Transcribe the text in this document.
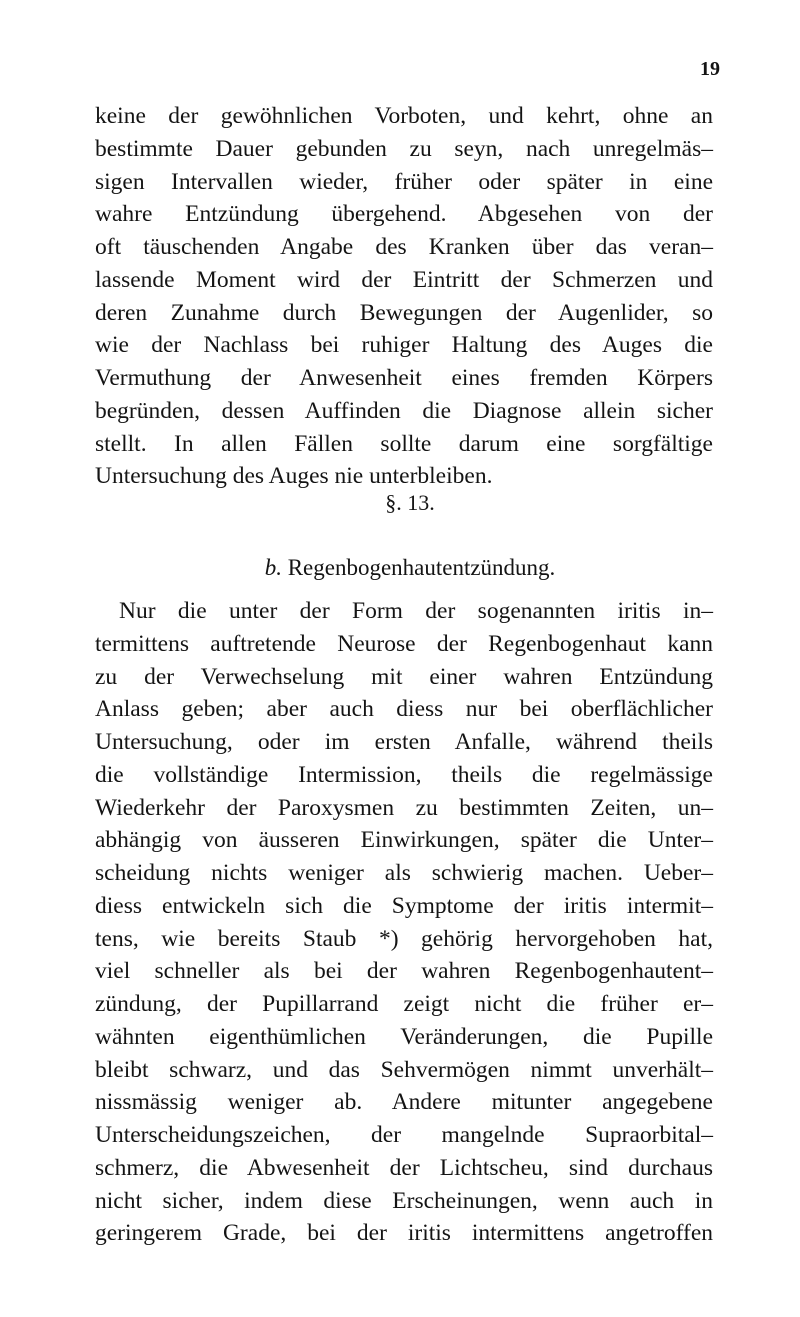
19
keine der gewöhnlichen Vorboten, und kehrt, ohne an
bestimmte Dauer gebunden zu seyn, nach unregelmäs–
sigen Intervallen wieder, früher oder später in eine
wahre Entzündung übergehend. Abgesehen von der
oft täuschenden Angabe des Kranken über das veran–
lassende Moment wird der Eintritt der Schmerzen und
deren Zunahme durch Bewegungen der Augenlider, so
wie der Nachlass bei ruhiger Haltung des Auges die
Vermuthung der Anwesenheit eines fremden Körpers
begründen, dessen Auffinden die Diagnose allein sicher
stellt. In allen Fällen sollte darum eine sorgfältige
Untersuchung des Auges nie unterbleiben.
§. 13.
b. Regenbogenhautentzündung.
Nur die unter der Form der sogenannten iritis in–
termittens auftretende Neurose der Regenbogenhaut kann
zu der Verwechselung mit einer wahren Entzündung
Anlass geben; aber auch diess nur bei oberflächlicher
Untersuchung, oder im ersten Anfalle, während theils
die vollständige Intermission, theils die regelmässige
Wiederkehr der Paroxysmen zu bestimmten Zeiten, un–
abhängig von äusseren Einwirkungen, später die Unter–
scheidung nichts weniger als schwierig machen. Ueber–
diess entwickeln sich die Symptome der iritis intermit–
tens, wie bereits Staub *) gehörig hervorgehoben hat,
viel schneller als bei der wahren Regenbogenhautent–
zündung, der Pupillarrand zeigt nicht die früher er–
wähnten eigenthümlichen Veränderungen, die Pupille
bleibt schwarz, und das Sehvermögen nimmt unverhält–
nissmässig weniger ab. Andere mitunter angegebene
Unterscheidungszeichen, der mangelnde Supraorbital–
schmerz, die Abwesenheit der Lichtscheu, sind durchaus
nicht sicher, indem diese Erscheinungen, wenn auch in
geringerem Grade, bei der iritis intermittens angetroffen
